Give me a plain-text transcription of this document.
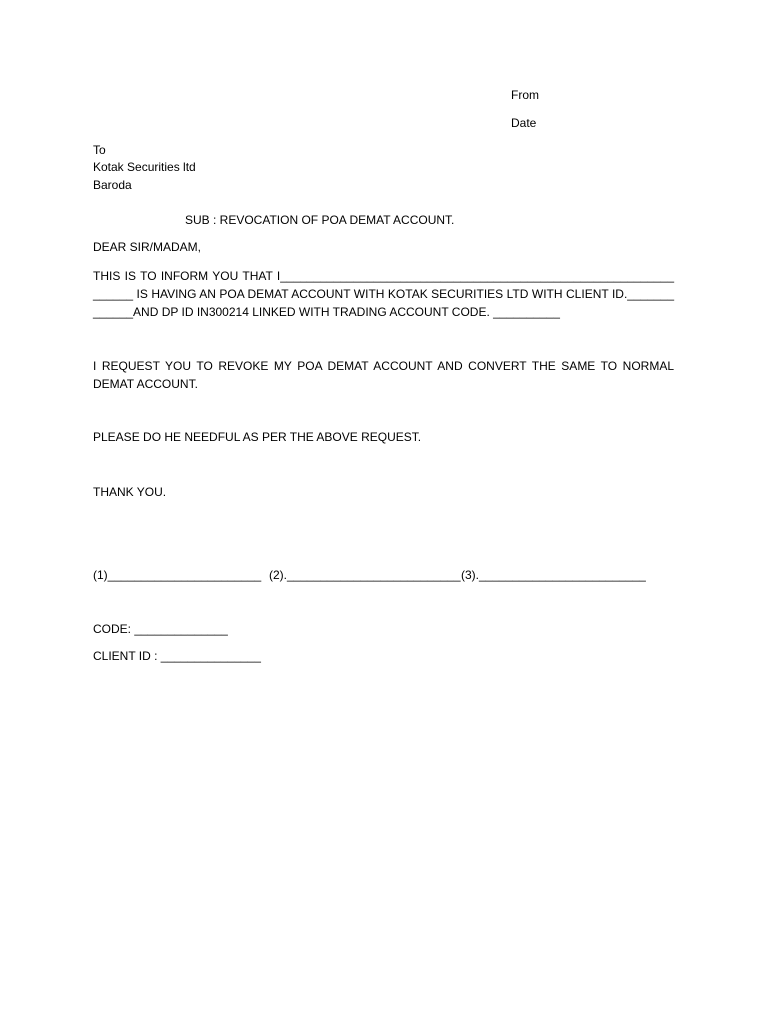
From
Date
To
Kotak Securities ltd
Baroda
SUB : REVOCATION OF POA DEMAT ACCOUNT.
DEAR SIR/MADAM,
THIS IS TO INFORM YOU THAT I_________________________________________________________________ IS HAVING AN POA DEMAT ACCOUNT WITH KOTAK SECURITIES LTD WITH CLIENT ID._____________AND DP ID IN300214 LINKED WITH TRADING ACCOUNT CODE. __________
I REQUEST YOU TO REVOKE MY POA DEMAT ACCOUNT AND CONVERT THE SAME TO NORMAL DEMAT ACCOUNT.
PLEASE DO HE NEEDFUL AS PER THE ABOVE REQUEST.
THANK YOU.
(1)_______________________ (2).__________________________ (3)._________________________
CODE: ______________
CLIENT ID : _______________
